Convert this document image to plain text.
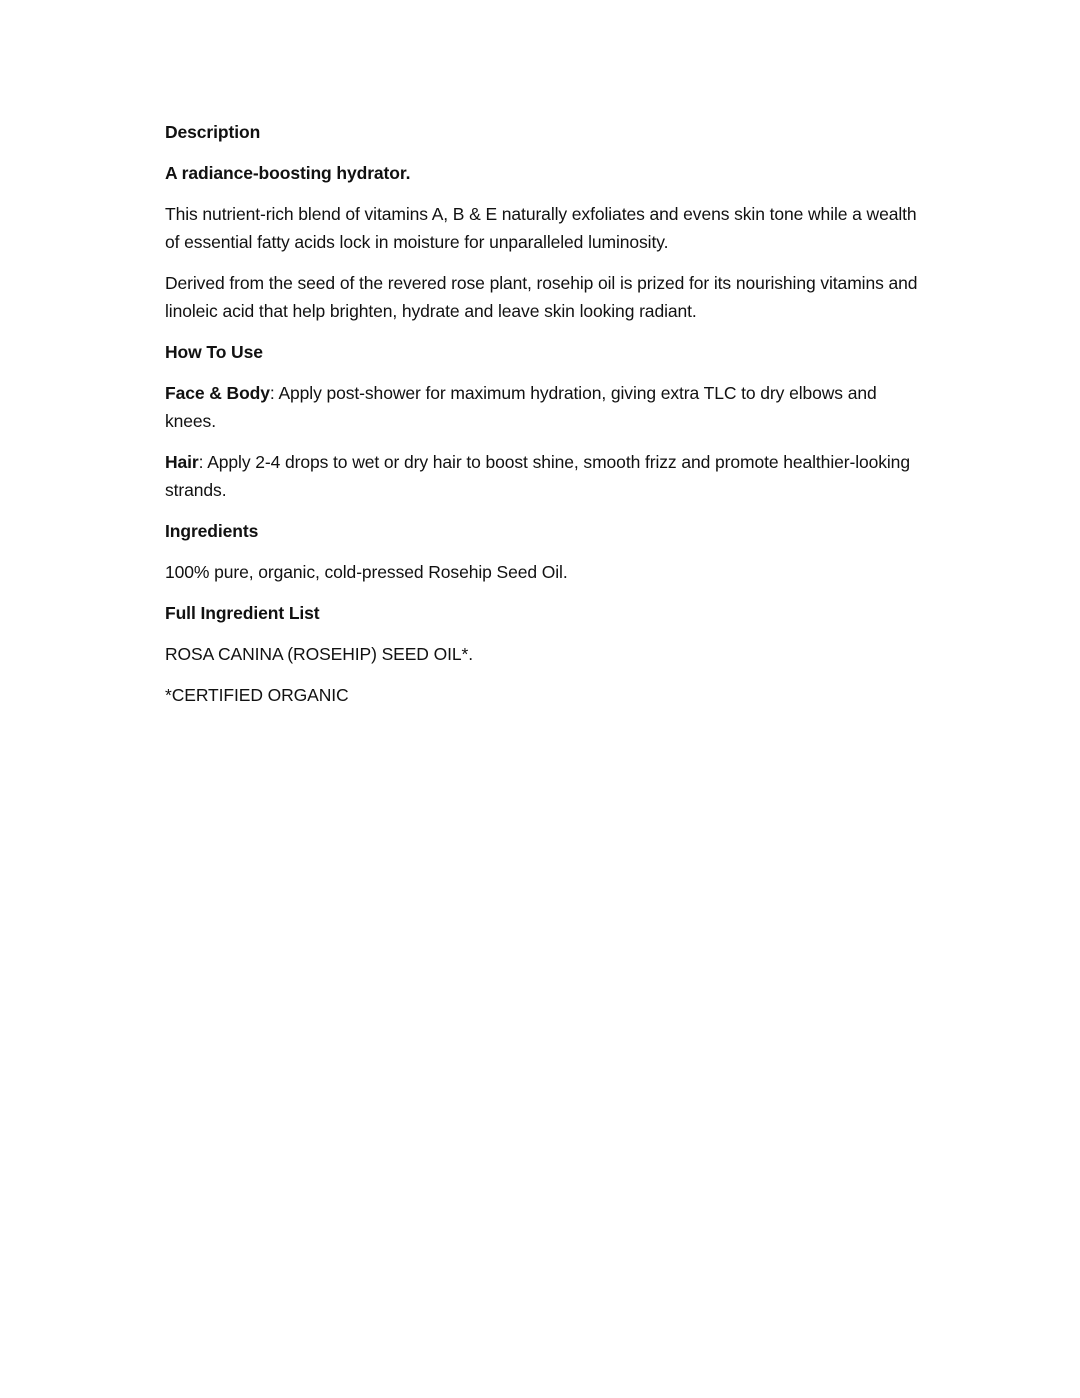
Description

A radiance-boosting hydrator.

This nutrient-rich blend of vitamins A, B & E naturally exfoliates and evens skin tone while a wealth of essential fatty acids lock in moisture for unparalleled luminosity.

Derived from the seed of the revered rose plant, rosehip oil is prized for its nourishing vitamins and linoleic acid that help brighten, hydrate and leave skin looking radiant.

How To Use

Face & Body: Apply post-shower for maximum hydration, giving extra TLC to dry elbows and knees.

Hair: Apply 2-4 drops to wet or dry hair to boost shine, smooth frizz and promote healthier-looking strands.

Ingredients

100% pure, organic, cold-pressed Rosehip Seed Oil.

Full Ingredient List

ROSA CANINA (ROSEHIP) SEED OIL*.

*CERTIFIED ORGANIC
